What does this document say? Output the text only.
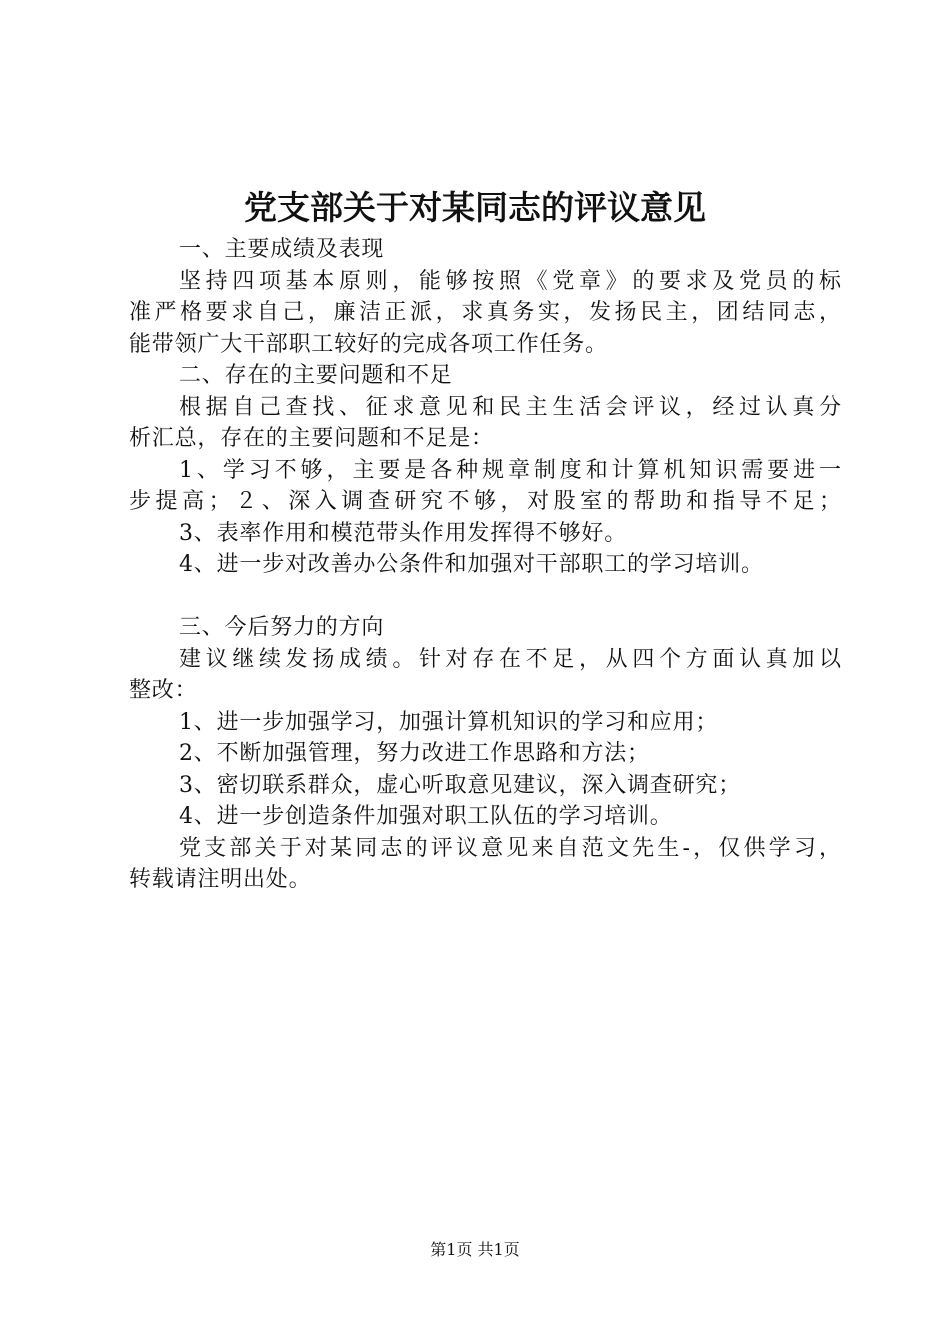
党支部关于对某同志的评议意见
一、主要成绩及表现
坚持四项基本原则，能够按照《党章》的要求及党员的标
准严格要求自己，廉洁正派，求真务实，发扬民主，团结同志，
能带领广大干部职工较好的完成各项工作任务。
二、存在的主要问题和不足
根据自己查找、征求意见和民主生活会评议，经过认真分
析汇总，存在的主要问题和不足是：
1、学习不够，主要是各种规章制度和计算机知识需要进一
步提高；２、深入调查研究不够，对股室的帮助和指导不足；
3、表率作用和模范带头作用发挥得不够好。
4、进一步对改善办公条件和加强对干部职工的学习培训。
三、今后努力的方向
建议继续发扬成绩。针对存在不足，从四个方面认真加以
整改：
1、进一步加强学习，加强计算机知识的学习和应用；
2、不断加强管理，努力改进工作思路和方法；
3、密切联系群众，虚心听取意见建议，深入调查研究；
4、进一步创造条件加强对职工队伍的学习培训。
党支部关于对某同志的评议意见来自范文先生-，仅供学习，
转载请注明出处。
第1页 共1页
